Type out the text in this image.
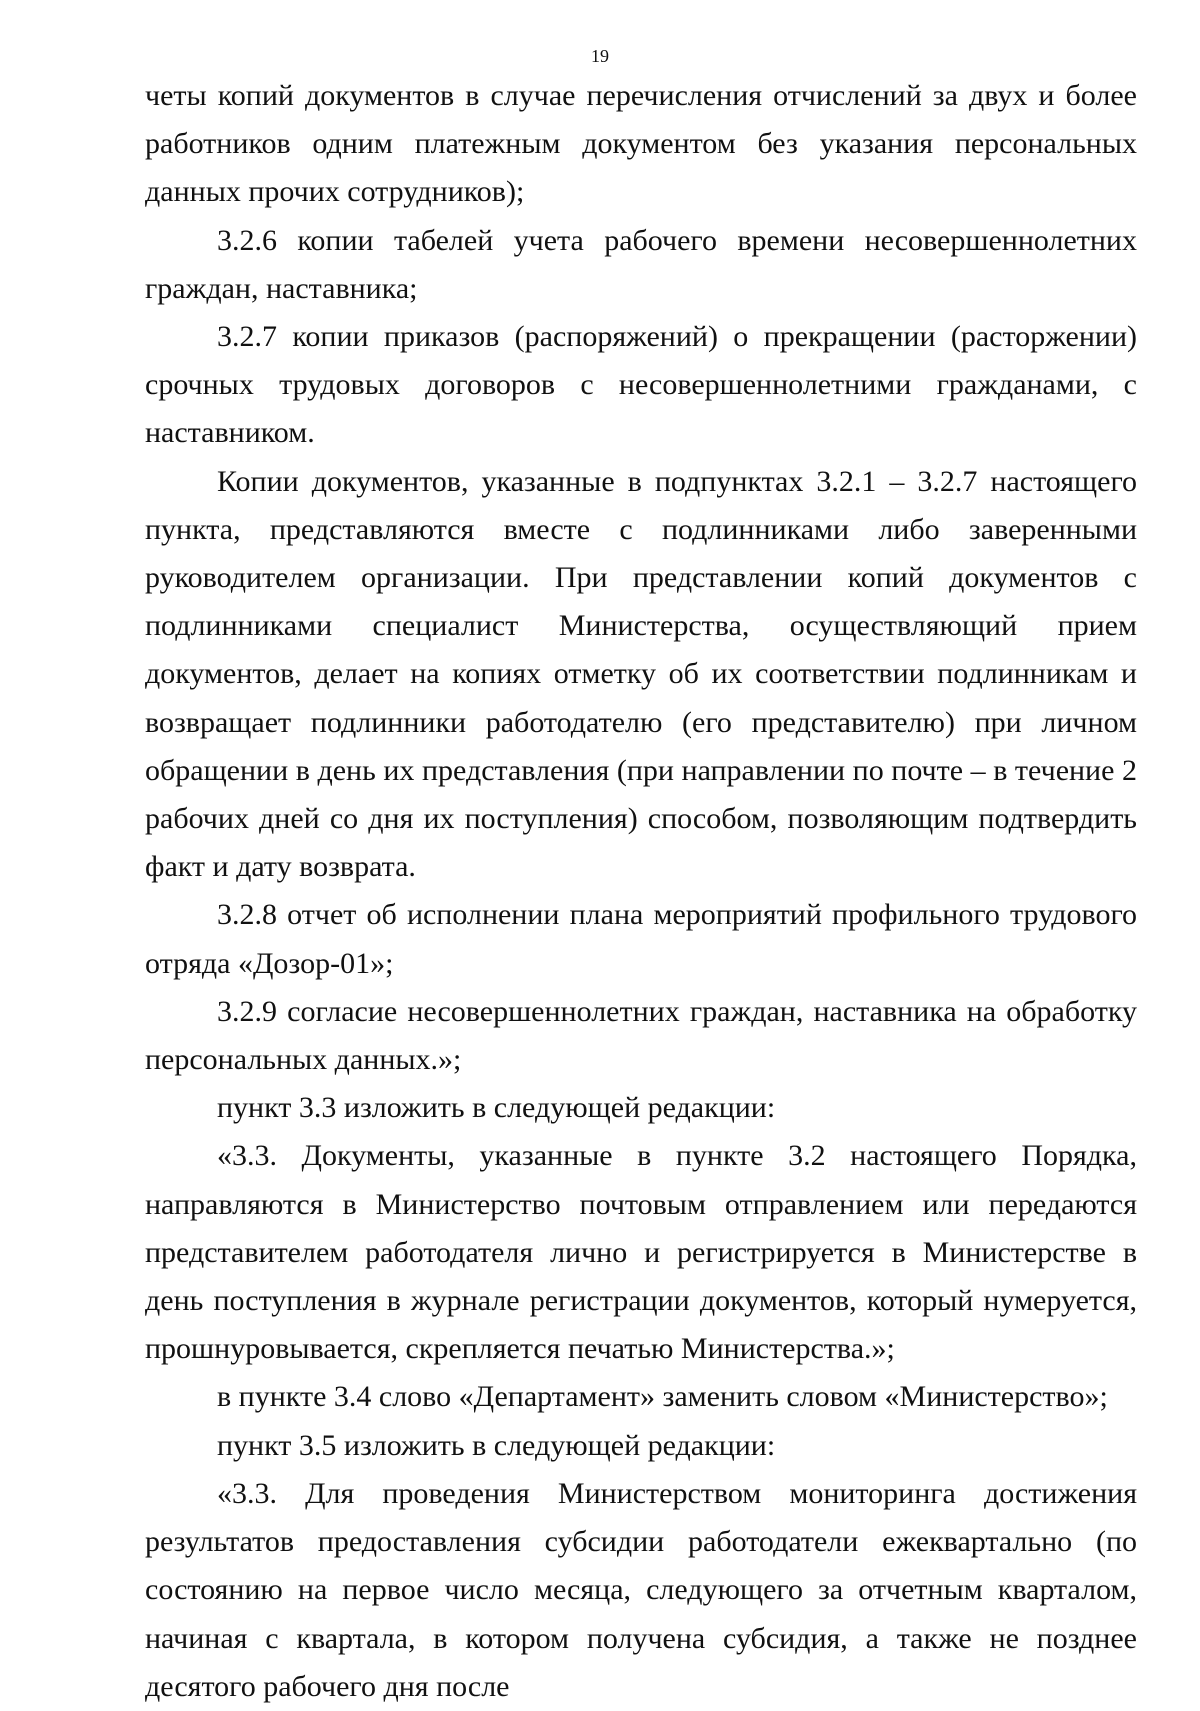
19

четы копий документов в случае перечисления отчислений за двух и более работников одним платежным документом без указания персональных данных прочих сотрудников);

3.2.6 копии табелей учета рабочего времени несовершеннолетних граждан, наставника;

3.2.7 копии приказов (распоряжений) о прекращении (расторжении) срочных трудовых договоров с несовершеннолетними гражданами, с наставником.

Копии документов, указанные в подпунктах 3.2.1 – 3.2.7 настоящего пункта, представляются вместе с подлинниками либо заверенными руководителем организации. При представлении копий документов с подлинниками специалист Министерства, осуществляющий прием документов, делает на копиях отметку об их соответствии подлинникам и возвращает подлинники работодателю (его представителю) при личном обращении в день их представления (при направлении по почте – в течение 2 рабочих дней со дня их поступления) способом, позволяющим подтвердить факт и дату возврата.

3.2.8 отчет об исполнении плана мероприятий профильного трудового отряда «Дозор-01»;

3.2.9 согласие несовершеннолетних граждан, наставника на обработку персональных данных.»;

пункт 3.3 изложить в следующей редакции:

«3.3. Документы, указанные в пункте 3.2 настоящего Порядка, направляются в Министерство почтовым отправлением или передаются представителем работодателя лично и регистрируется в Министерстве в день поступления в журнале регистрации документов, который нумеруется, прошнуровывается, скрепляется печатью Министерства.»;

в пункте 3.4 слово «Департамент» заменить словом «Министерство»;

пункт 3.5 изложить в следующей редакции:

«3.3. Для проведения Министерством мониторинга достижения результатов предоставления субсидии работодатели ежеквартально (по состоянию на первое число месяца, следующего за отчетным кварталом, начиная с квартала, в котором получена субсидия, а также не позднее десятого рабочего дня после
